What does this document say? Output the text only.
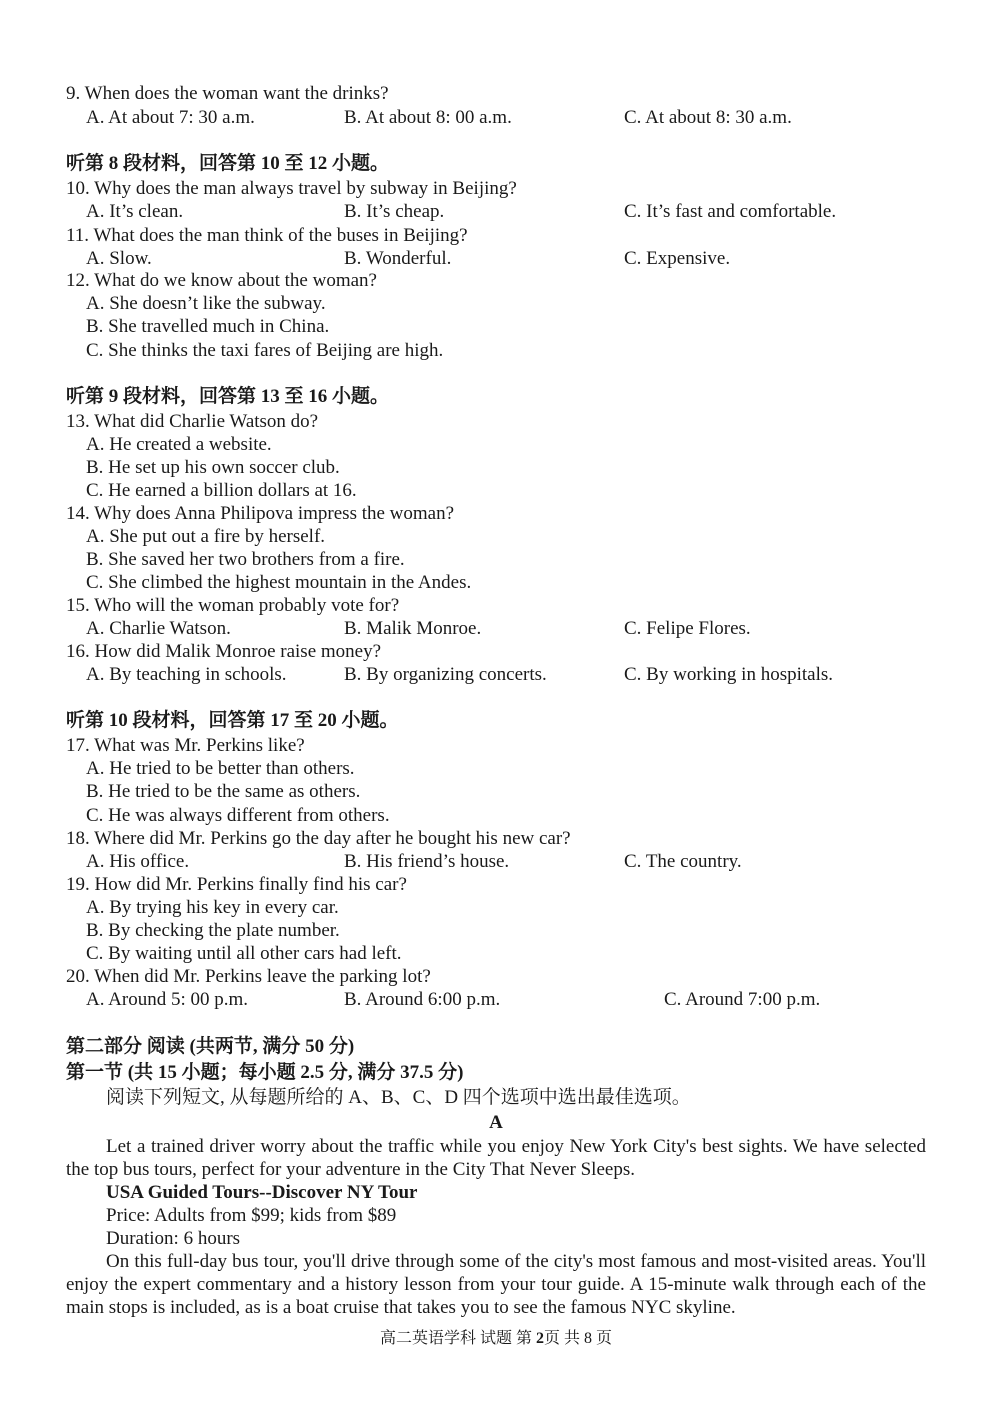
9. When does the woman want the drinks?
A. At about 7: 30 a.m.	B. At about 8: 00 a.m.	C. At about 8: 30 a.m.
听第 8 段材料，回答第 10 至 12 小题。
10. Why does the man always travel by subway in Beijing?
A. It’s clean.	B. It’s cheap.	C. It’s fast and comfortable.
11. What does the man think of the buses in Beijing?
A. Slow.	B. Wonderful.	C. Expensive.
12. What do we know about the woman?
A. She doesn’t like the subway.
B. She travelled much in China.
C. She thinks the taxi fares of Beijing are high.
听第 9 段材料，回答第 13 至 16 小题。
13. What did Charlie Watson do?
A. He created a website.
B. He set up his own soccer club.
C. He earned a billion dollars at 16.
14. Why does Anna Philipova impress the woman?
A. She put out a fire by herself.
B. She saved her two brothers from a fire.
C. She climbed the highest mountain in the Andes.
15. Who will the woman probably vote for?
A. Charlie Watson.	B. Malik Monroe.	C. Felipe Flores.
16. How did Malik Monroe raise money?
A. By teaching in schools.	B. By organizing concerts.	C. By working in hospitals.
听第 10 段材料，回答第 17 至 20 小题。
17. What was Mr. Perkins like?
A. He tried to be better than others.
B. He tried to be the same as others.
C. He was always different from others.
18. Where did Mr. Perkins go the day after he bought his new car?
A. His office.	B. His friend’s house.	C. The country.
19. How did Mr. Perkins finally find his car?
A. By trying his key in every car.
B. By checking the plate number.
C. By waiting until all other cars had left.
20. When did Mr. Perkins leave the parking lot?
A. Around 5: 00 p.m.	B. Around 6:00 p.m.	C. Around 7:00 p.m.
第二部分 阅读 (共两节, 满分 50 分)
第一节 (共 15 小题；每小题 2.5 分, 满分 37.5 分)
阅读下列短文, 从每题所给的 A、B、C、D 四个选项中选出最佳选项。
A
Let a trained driver worry about the traffic while you enjoy New York City's best sights. We have selected the top bus tours, perfect for your adventure in the City That Never Sleeps.
USA Guided Tours--Discover NY Tour
Price: Adults from $99; kids from $89
Duration: 6 hours
On this full-day bus tour, you'll drive through some of the city's most famous and most-visited areas. You'll enjoy the expert commentary and a history lesson from your tour guide. A 15-minute walk through each of the main stops is included, as is a boat cruise that takes you to see the famous NYC skyline.
高二英语学科 试题 第 2页 共 8 页
